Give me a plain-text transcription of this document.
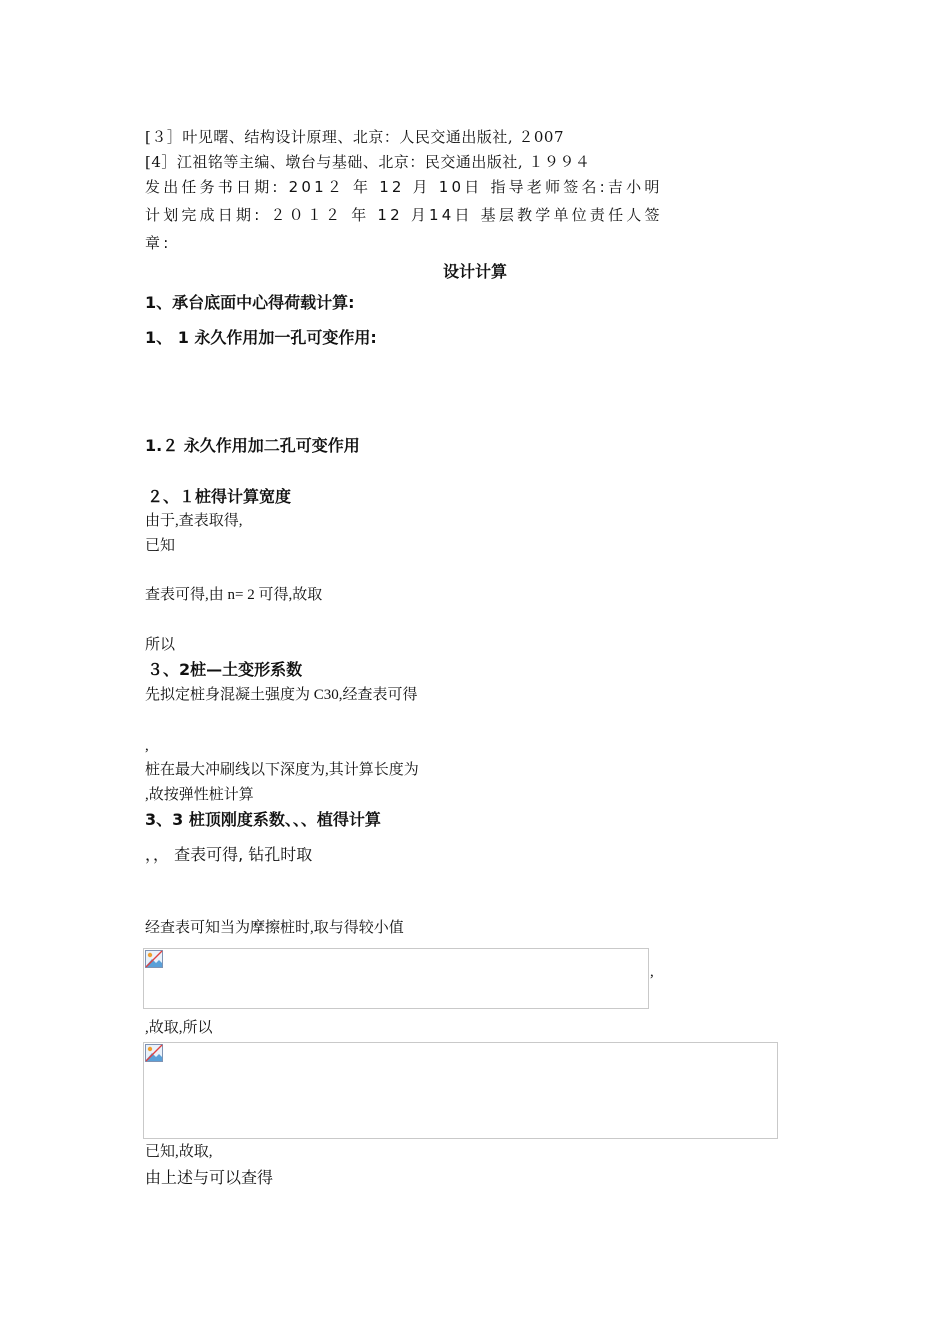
[３］叶见曙、结构设计原理、北京：人民交通出版社, ２007
[4］江祖铭等主编、墩台与基础、北京：民交通出版社, １９９４
发出任务书日期: 201２ 年 12 月 10日 指导老师签名:吉小明
计划完成日期: ２０１２ 年 12 月14日 基层教学单位责任人签
章:
设计计算
1、承台底面中心得荷载计算:
1、 1 永久作用加一孔可变作用:
1.２ 永久作用加二孔可变作用
２、１桩得计算宽度
由于,查表取得,
已知
查表可得,由 n= 2 可得,故取
所以
３、2桩—土变形系数
先拟定桩身混凝土强度为 C30,经查表可得
,
桩在最大冲刷线以下深度为,其计算长度为
,故按弹性桩计算
3、3 桩顶刚度系数、、、植得计算
，， 查表可得, 钻孔时取
经查表可知当为摩擦桩时,取与得较小值
,
,故取,所以
已知,故取,
由上述与可以查得
